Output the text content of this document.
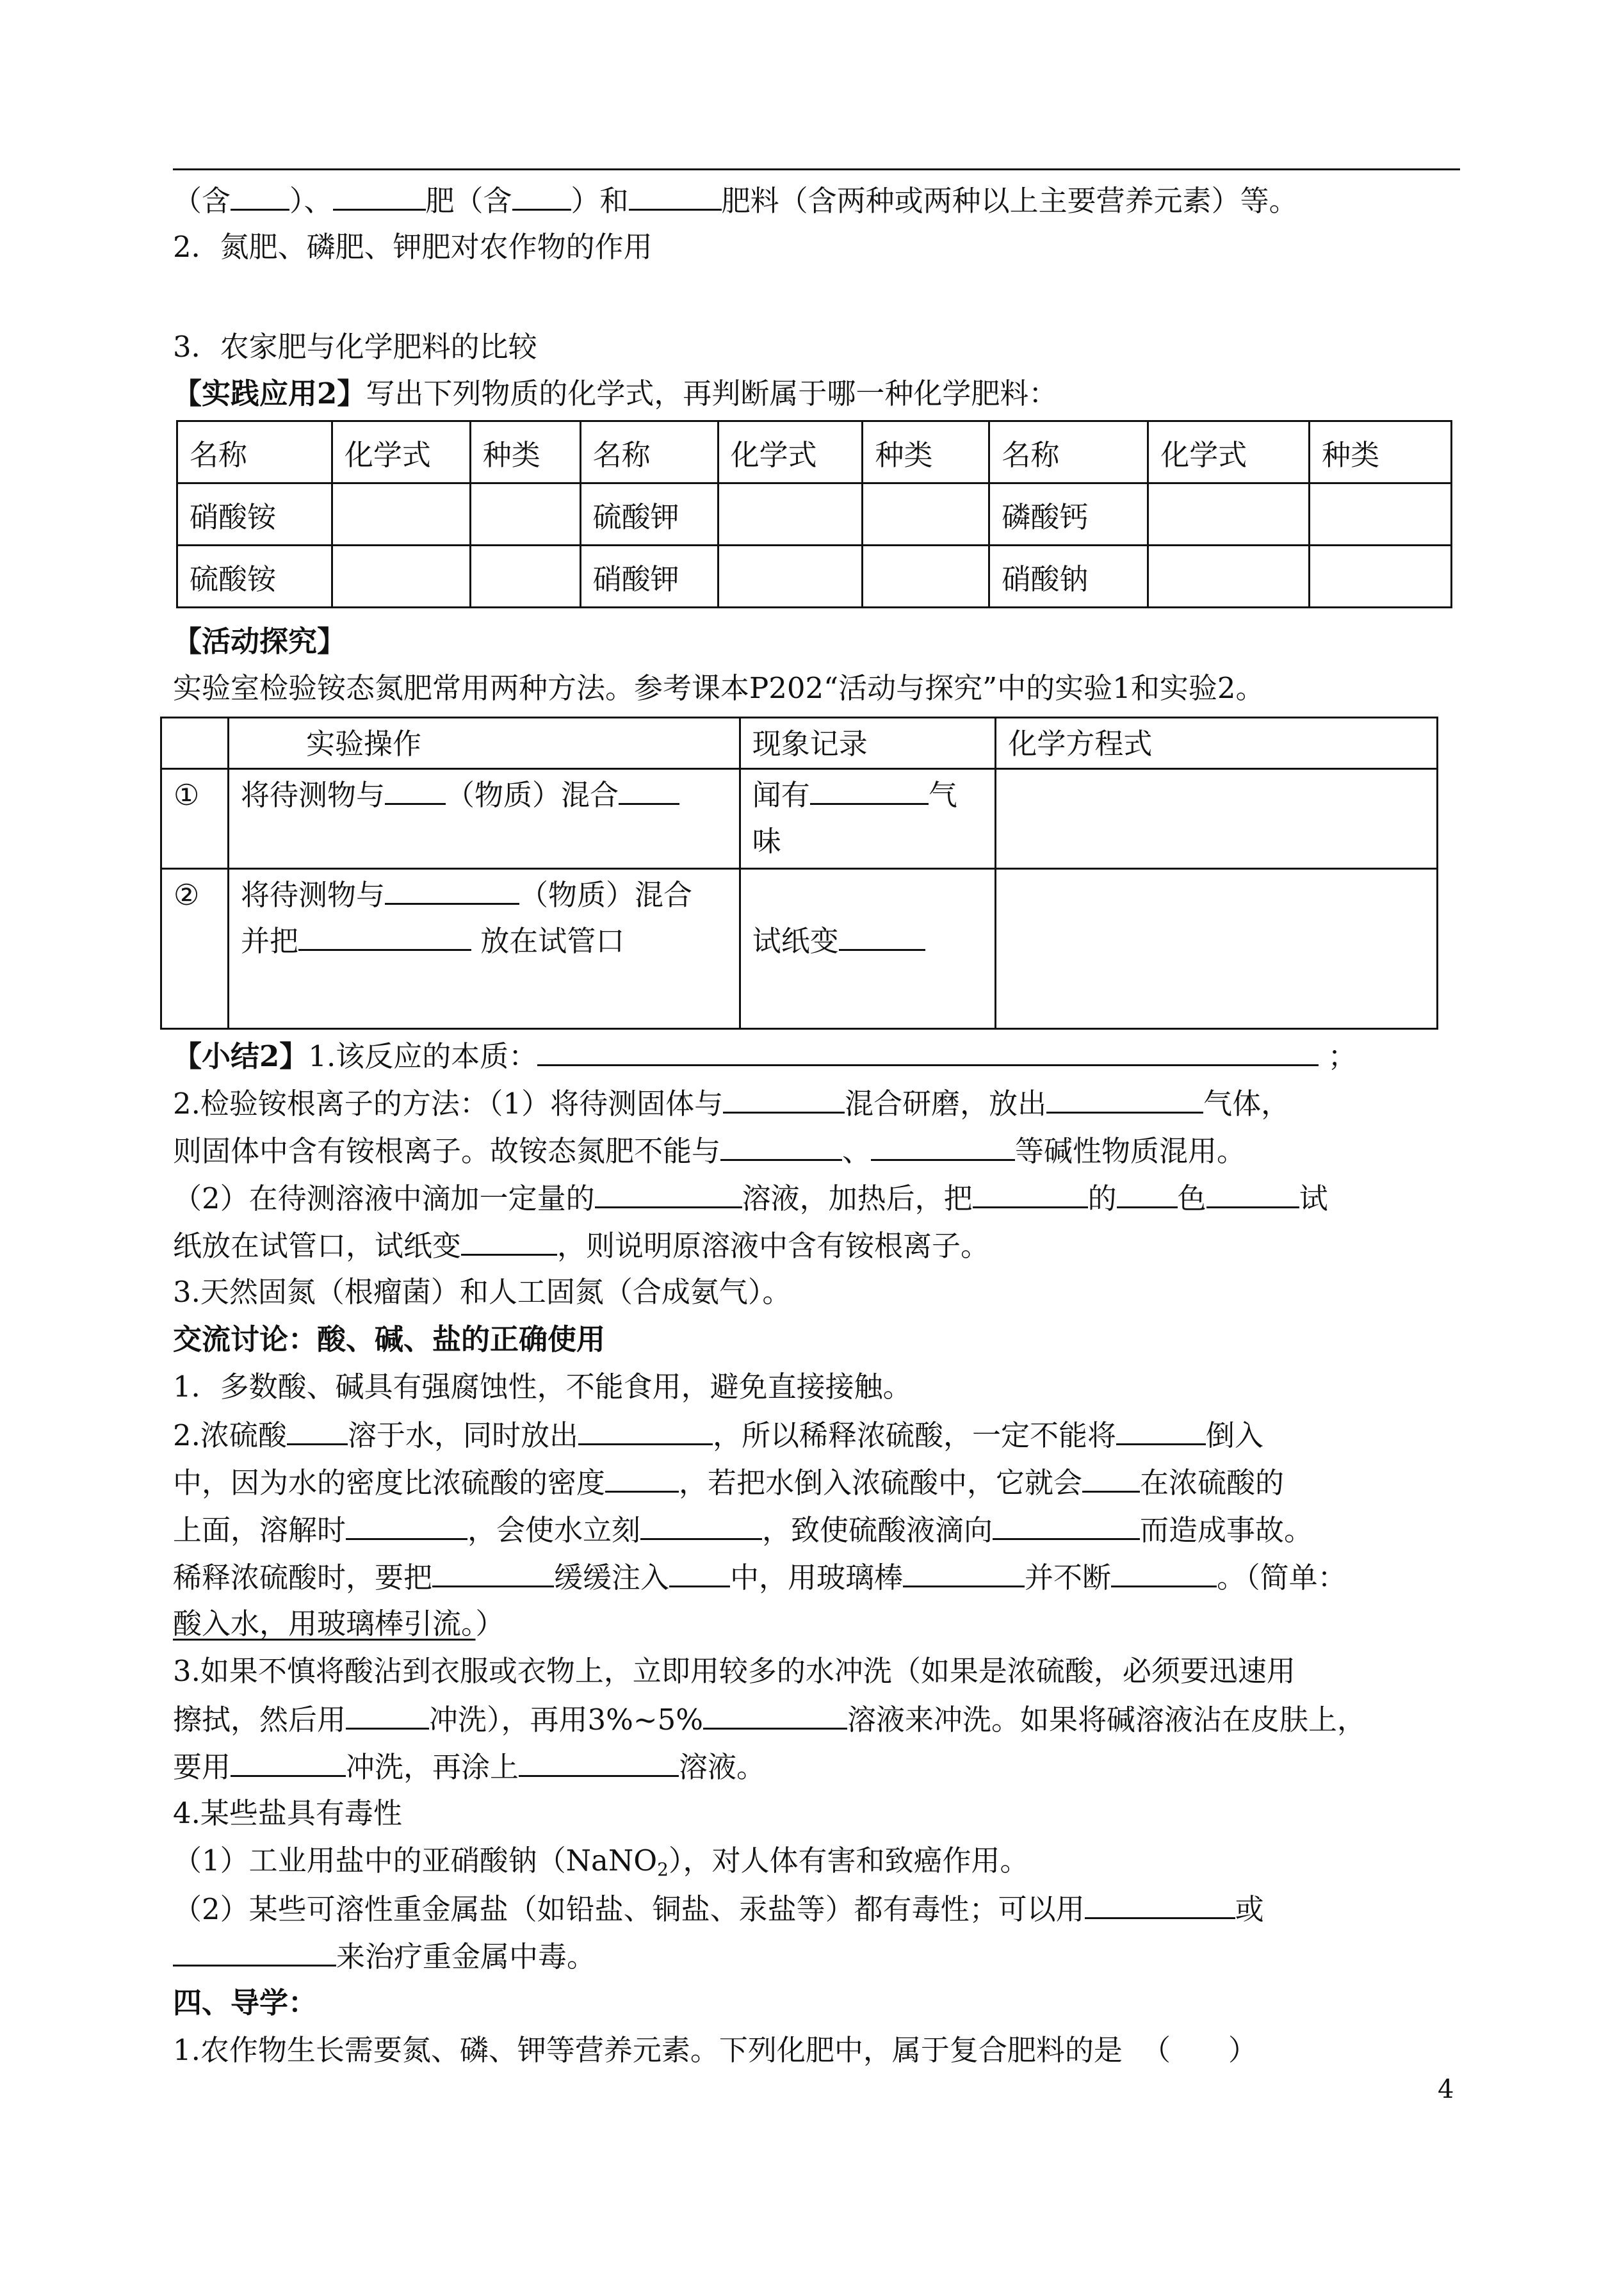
（含 ）、	肥（含 ）和	肥料（含两种或两种以上主要营养元素）等。
2．氮肥、磷肥、钾肥对农作物的作用
3．农家肥与化学肥料的比较
【实践应用2】写出下列物质的化学式，再判断属于哪一种化学肥料：
名称	化学式	种类	名称	化学式	种类	名称	化学式	种类
硝酸铵			硫酸钾			磷酸钙		
硫酸铵			硝酸钾			硝酸钠		
【活动探究】
实验室检验铵态氮肥常用两种方法。参考课本P202“活动与探究”中的实验1和实验2。
	实验操作	现象记录	化学方程式
①	将待测物与 （物质）混合	闻有 气
味	
②	将待测物与 （物质）混合
并把 放在试管口	试纸变	
【小结2】1.该反应的本质：	；
2.检验铵根离子的方法：（1）将待测固体与	混合研磨，放出	气体，
则固体中含有铵根离子。故铵态氮肥不能与	、	等碱性物质混用。
（2）在待测溶液中滴加一定量的	溶液，加热后，把	的 色	试
纸放在试管口，试纸变	，则说明原溶液中含有铵根离子。
3.天然固氮（根瘤菌）和人工固氮（合成氨气）。
交流讨论：酸、碱、盐的正确使用
1．多数酸、碱具有强腐蚀性，不能食用，避免直接接触。
2.浓硫酸 溶于水，同时放出	，所以稀释浓硫酸，一定不能将	倒入
中，因为水的密度比浓硫酸的密度	，若把水倒入浓硫酸中，它就会 在浓硫酸的
上面，溶解时	，会使水立刻	，致使硫酸液滴向	而造成事故。
稀释浓硫酸时，要把	缓缓注入 中，用玻璃棒	并不断	。（简单：
酸入水，用玻璃棒引流。）
3.如果不慎将酸沾到衣服或衣物上，立即用较多的水冲洗（如果是浓硫酸，必须要迅速用
擦拭，然后用	冲洗），再用3%~5%	溶液来冲洗。如果将碱溶液沾在皮肤上，
要用	冲洗，再涂上	溶液。
4.某些盐具有毒性
（1）工业用盐中的亚硝酸钠（NaNO$_2$），对人体有害和致癌作用。
（2）某些可溶性重金属盐（如铅盐、铜盐、汞盐等）都有毒性；可以用	或
来治疗重金属中毒。
四、导学：
1.农作物生长需要氮、磷、钾等营养元素。下列化肥中，属于复合肥料的是 （　　）
4
